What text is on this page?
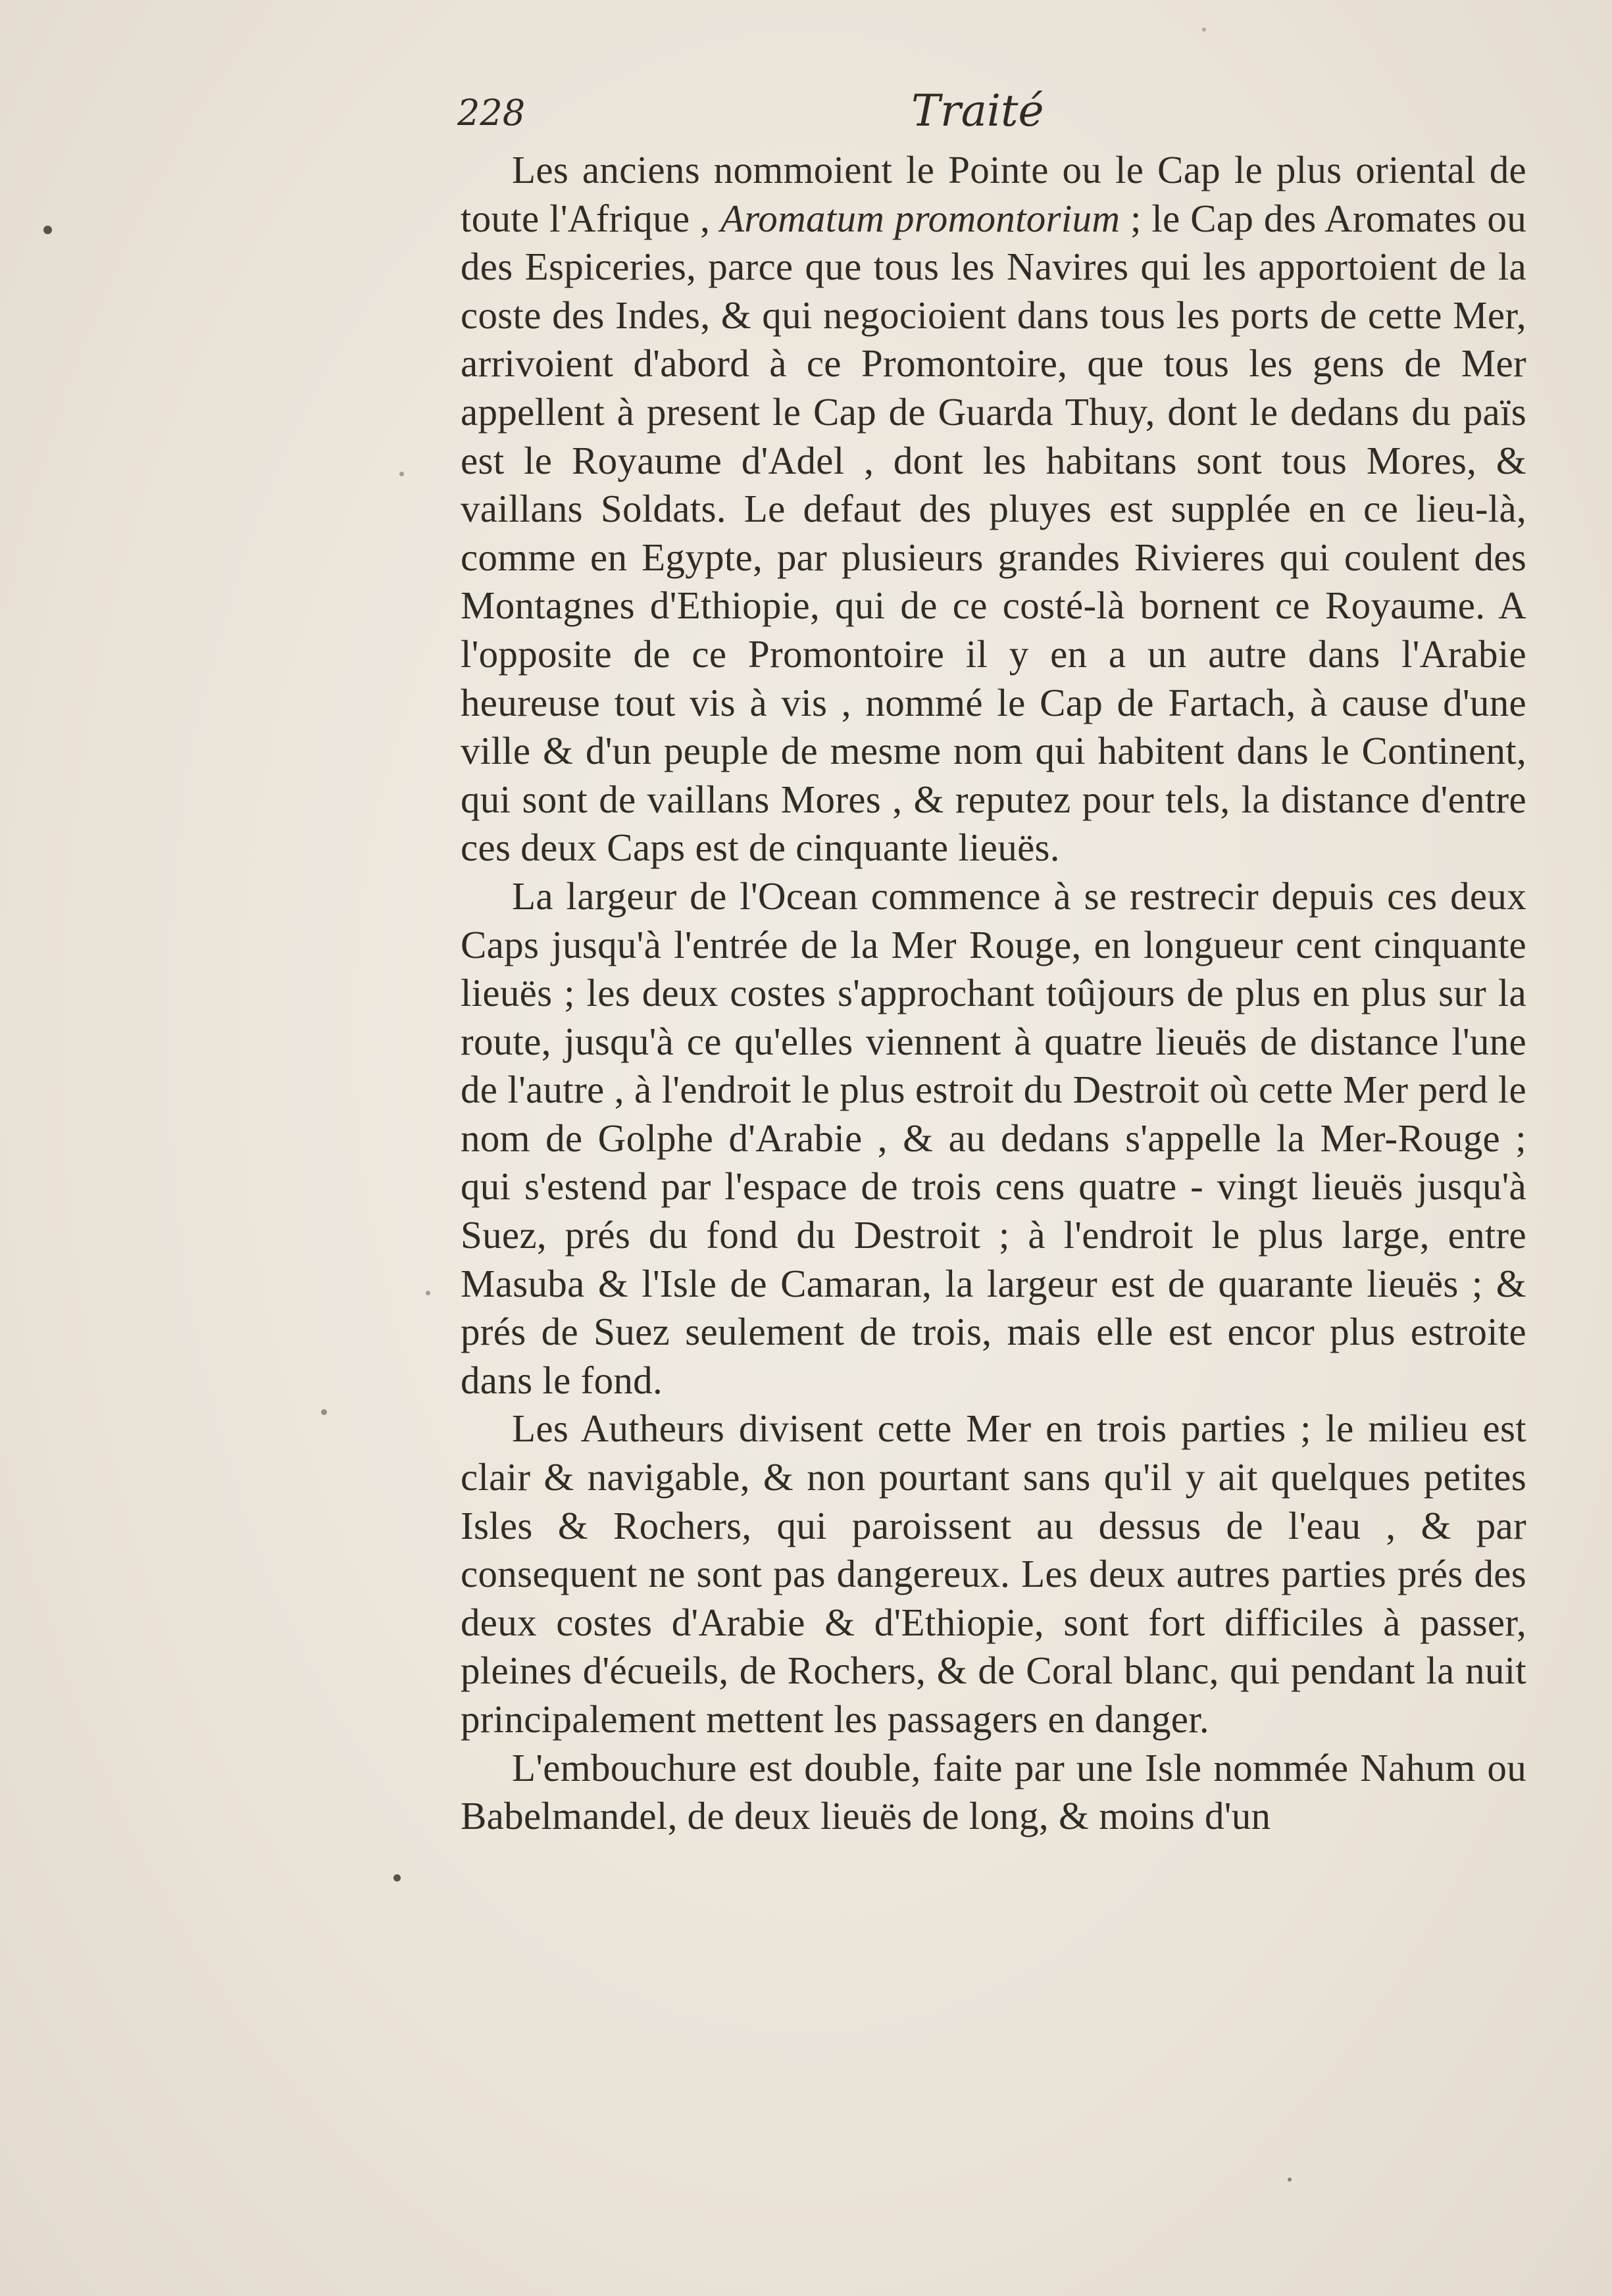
228	Traité

Les anciens nommoient le Pointe ou le Cap le plus oriental de toute l'Afrique , Aromatum promontorium ; le Cap des Aromates ou des Espiceries, parce que tous les Navires qui les apportoient de la coste des Indes, & qui negocioient dans tous les ports de cette Mer, arrivoient d'abord à ce Promontoire, que tous les gens de Mer appellent à present le Cap de Guarda Thuy, dont le dedans du païs est le Royaume d'Adel , dont les habitans sont tous Mores, & vaillans Soldats. Le defaut des pluyes est supplée en ce lieu-là, comme en Egypte, par plusieurs grandes Rivieres qui coulent des Montagnes d'Ethiopie, qui de ce costé-là bornent ce Royaume. A l'opposite de ce Promontoire il y en a un autre dans l'Arabie heureuse tout vis à vis , nommé le Cap de Fartach, à cause d'une ville & d'un peuple de mesme nom qui habitent dans le Continent, qui sont de vaillans Mores , & reputez pour tels, la distance d'entre ces deux Caps est de cinquante lieuës.

La largeur de l'Ocean commence à se restrecir depuis ces deux Caps jusqu'à l'entrée de la Mer Rouge, en longueur cent cinquante lieuës ; les deux costes s'approchant toûjours de plus en plus sur la route, jusqu'à ce qu'elles viennent à quatre lieuës de distance l'une de l'autre , à l'endroit le plus estroit du Destroit où cette Mer perd le nom de Golphe d'Arabie , & au dedans s'appelle la Mer-Rouge ; qui s'estend par l'espace de trois cens quatre - vingt lieuës jusqu'à Suez, prés du fond du Destroit ; à l'endroit le plus large, entre Masuba & l'Isle de Camaran, la largeur est de quarante lieuës ; & prés de Suez seulement de trois, mais elle est encor plus estroite dans le fond.

Les Autheurs divisent cette Mer en trois parties ; le milieu est clair & navigable, & non pourtant sans qu'il y ait quelques petites Isles & Rochers, qui paroissent au dessus de l'eau , & par consequent ne sont pas dangereux. Les deux autres parties prés des deux costes d'Arabie & d'Ethiopie, sont fort difficiles à passer, pleines d'écueils, de Rochers, & de Coral blanc, qui pendant la nuit principalement mettent les passagers en danger.

L'embouchure est double, faite par une Isle nommée Nahum ou Babelmandel, de deux lieuës de long, & moins d'un
